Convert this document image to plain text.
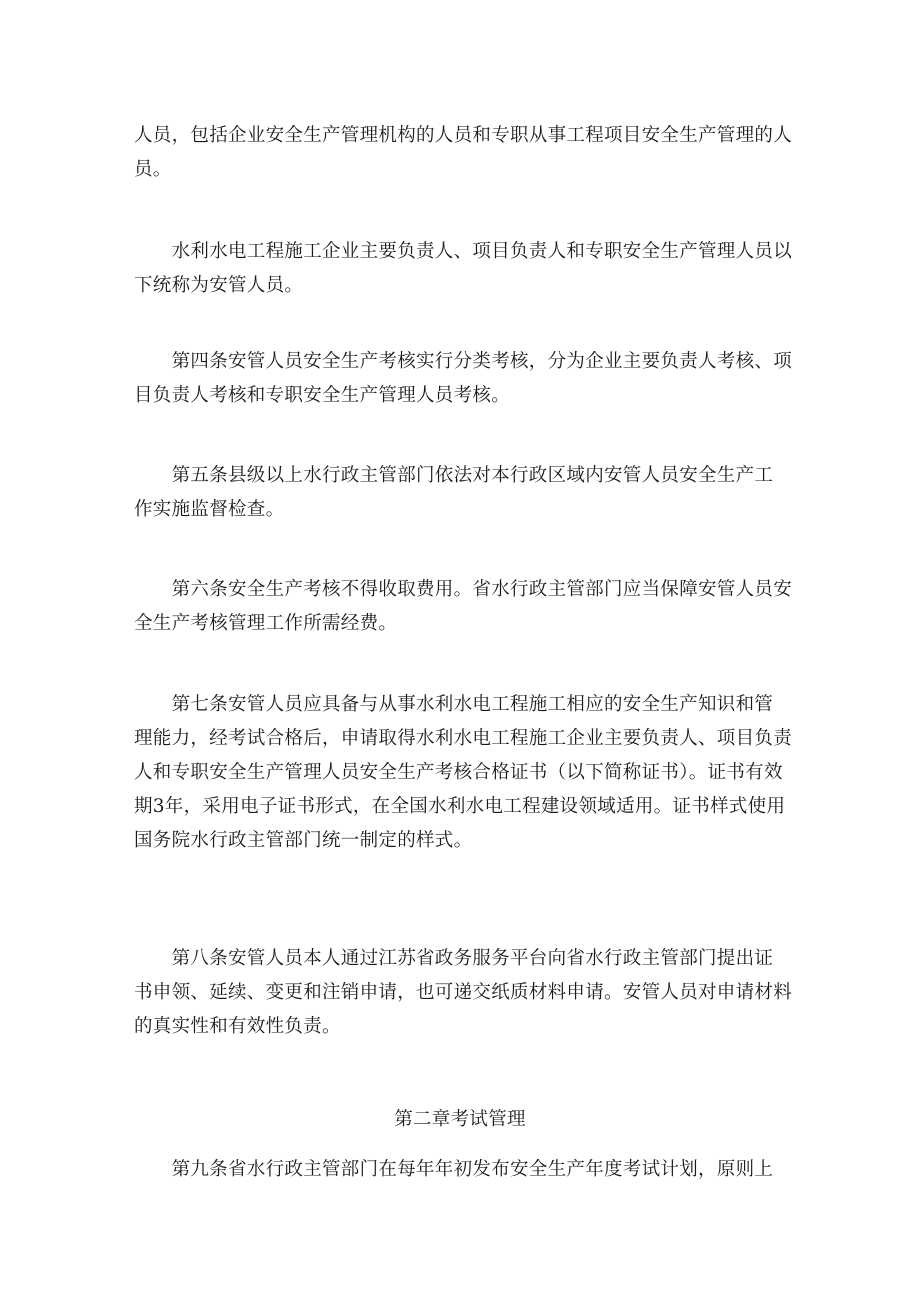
人员，包括企业安全生产管理机构的人员和专职从事工程项目安全生产管理的人
员。
　　水利水电工程施工企业主要负责人、项目负责人和专职安全生产管理人员以
下统称为安管人员。
　　第四条安管人员安全生产考核实行分类考核，分为企业主要负责人考核、项
目负责人考核和专职安全生产管理人员考核。
　　第五条县级以上水行政主管部门依法对本行政区域内安管人员安全生产工
作实施监督检查。
　　第六条安全生产考核不得收取费用。省水行政主管部门应当保障安管人员安
全生产考核管理工作所需经费。
　　第七条安管人员应具备与从事水利水电工程施工相应的安全生产知识和管
理能力，经考试合格后，申请取得水利水电工程施工企业主要负责人、项目负责
人和专职安全生产管理人员安全生产考核合格证书（以下简称证书）。证书有效
期3年，采用电子证书形式，在全国水利水电工程建设领域适用。证书样式使用
国务院水行政主管部门统一制定的样式。
　　第八条安管人员本人通过江苏省政务服务平台向省水行政主管部门提出证
书申领、延续、变更和注销申请，也可递交纸质材料申请。安管人员对申请材料
的真实性和有效性负责。
第二章考试管理
　　第九条省水行政主管部门在每年年初发布安全生产年度考试计划，原则上
